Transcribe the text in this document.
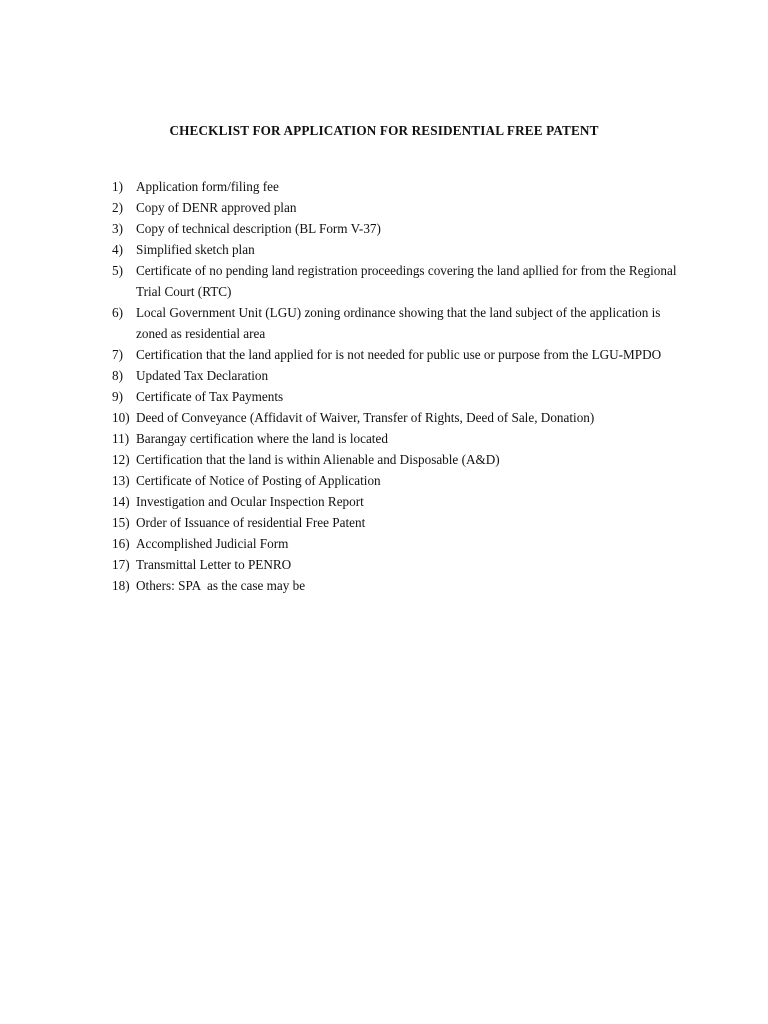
CHECKLIST FOR APPLICATION FOR RESIDENTIAL FREE PATENT
1) Application form/filing fee
2) Copy of DENR approved plan
3) Copy of technical description (BL Form V-37)
4) Simplified sketch plan
5) Certificate of no pending land registration proceedings covering the land apllied for from the Regional Trial Court (RTC)
6) Local Government Unit (LGU) zoning ordinance showing that the land subject of the application is zoned as residential area
7) Certification that the land applied for is not needed for public use or purpose from the LGU-MPDO
8) Updated Tax Declaration
9) Certificate of Tax Payments
10) Deed of Conveyance (Affidavit of Waiver, Transfer of Rights, Deed of Sale, Donation)
11) Barangay certification where the land is located
12) Certification that the land is within Alienable and Disposable (A&D)
13) Certificate of Notice of Posting of Application
14) Investigation and Ocular Inspection Report
15) Order of Issuance of residential Free Patent
16) Accomplished Judicial Form
17) Transmittal Letter to PENRO
18) Others: SPA  as the case may be
